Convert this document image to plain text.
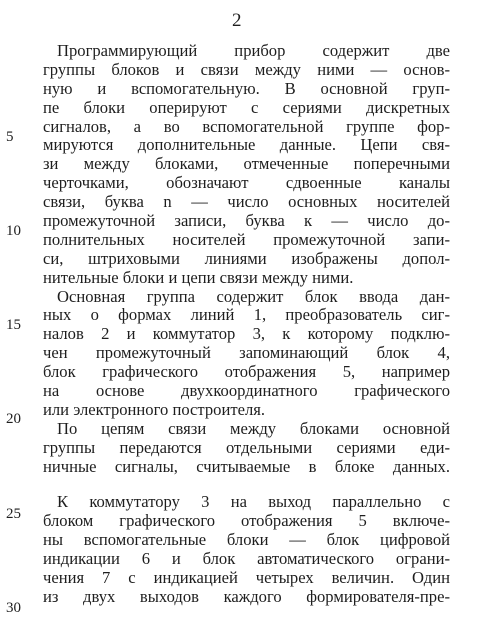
2
5
10
15
20
25
30
Программирующий прибор содержит две
группы блоков и связи между ними — основ-
ную и вспомогательную. В основной груп-
пе блоки оперируют с сериями дискретных
сигналов, а во вспомогательной группе фор-
мируются дополнительные данные. Цепи свя-
зи между блоками, отмеченные поперечными
черточками, обозначают сдвоенные каналы
связи, буква n — число основных носителей
промежуточной записи, буква к — число до-
полнительных носителей промежуточной запи-
си, штриховыми линиями изображены допол-
нительные блоки и цепи связи между ними.
Основная группа содержит блок ввода дан-
ных о формах линий 1, преобразователь сиг-
налов 2 и коммутатор 3, к которому подклю-
чен промежуточный запоминающий блок 4,
блок графического отображения 5, например
на основе двухкоординатного графического
или электронного построителя.
По цепям связи между блоками основной
группы передаются отдельными сериями еди-
ничные сигналы, считываемые в блоке данных.
К коммутатору 3 на выход параллельно с
блоком графического отображения 5 включе-
ны вспомогательные блоки — блок цифровой
индикации 6 и блок автоматического ограни-
чения 7 с индикацией четырех величин. Один
из двух выходов каждого формирователя-пре-
